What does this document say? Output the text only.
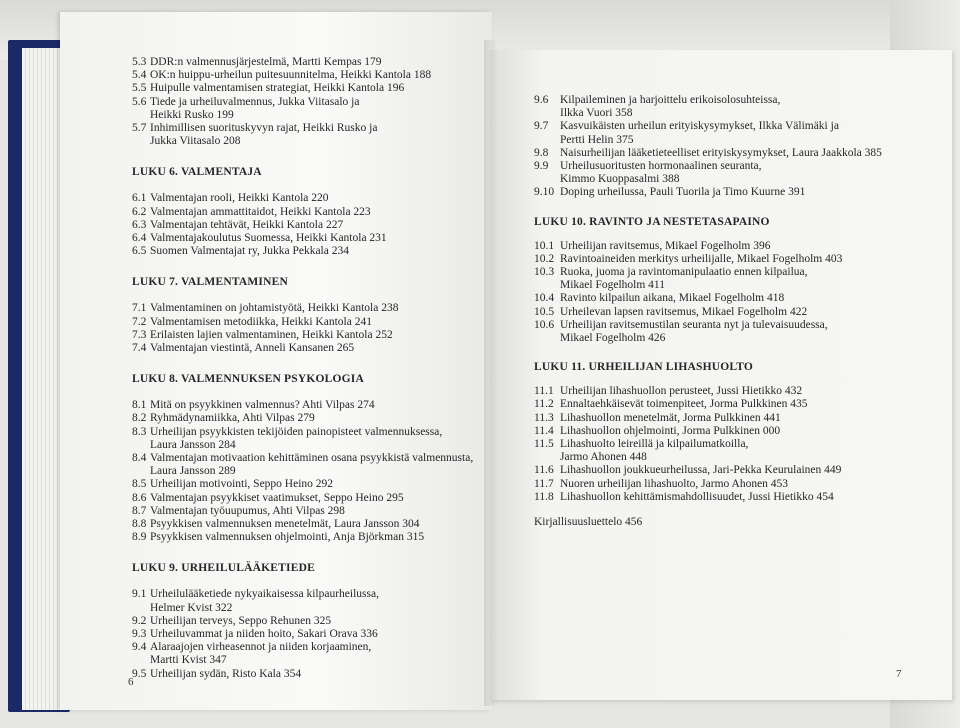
5.3 DDR:n valmennusjärjestelmä, Martti Kempas 179
5.4 OK:n huippu-urheilun puitesuunnitelma, Heikki Kantola 188
5.5 Huipulle valmentamisen strategiat, Heikki Kantola 196
5.6 Tiede ja urheiluvalmennus, Jukka Viitasalo ja
Heikki Rusko 199
5.7 Inhimillisen suorituskyvyn rajat, Heikki Rusko ja
Jukka Viitasalo 208
LUKU 6. VALMENTAJA
6.1 Valmentajan rooli, Heikki Kantola 220
6.2 Valmentajan ammattitaidot, Heikki Kantola 223
6.3 Valmentajan tehtävät, Heikki Kantola 227
6.4 Valmentajakoulutus Suomessa, Heikki Kantola 231
6.5 Suomen Valmentajat ry, Jukka Pekkala 234
LUKU 7. VALMENTAMINEN
7.1 Valmentaminen on johtamistyötä, Heikki Kantola 238
7.2 Valmentamisen metodiikka, Heikki Kantola 241
7.3 Erilaisten lajien valmentaminen, Heikki Kantola 252
7.4 Valmentajan viestintä, Anneli Kansanen 265
LUKU 8. VALMENNUKSEN PSYKOLOGIA
8.1 Mitä on psyykkinen valmennus? Ahti Vilpas 274
8.2 Ryhmädynamiikka, Ahti Vilpas 279
8.3 Urheilijan psyykkisten tekijöiden painopisteet valmennuksessa,
Laura Jansson 284
8.4 Valmentajan motivaation kehittäminen osana psyykkistä valmennusta,
Laura Jansson 289
8.5 Urheilijan motivointi, Seppo Heino 292
8.6 Valmentajan psyykkiset vaatimukset, Seppo Heino 295
8.7 Valmentajan työuupumus, Ahti Vilpas 298
8.8 Psyykkisen valmennuksen menetelmät, Laura Jansson 304
8.9 Psyykkisen valmennuksen ohjelmointi, Anja Björkman 315
LUKU 9. URHEILULÄÄKETIEDE
9.1 Urheilulääketiede nykyaikaisessa kilpaurheilussa,
Helmer Kvist 322
9.2 Urheilijan terveys, Seppo Rehunen 325
9.3 Urheiluvammat ja niiden hoito, Sakari Orava 336
9.4 Alaraajojen virheasennot ja niiden korjaaminen,
Martti Kvist 347
9.5 Urheilijan sydän, Risto Kala 354
6
9.6 Kilpaileminen ja harjoittelu erikoisolosuhteissa,
Ilkka Vuori 358
9.7 Kasvuikäisten urheilun erityiskysymykset, Ilkka Välimäki ja
Pertti Helin 375
9.8 Naisurheilijan lääketieteelliset erityiskysymykset, Laura Jaakkola 385
9.9 Urheilusuoritusten hormonaalinen seuranta,
Kimmo Kuoppasalmi 388
9.10 Doping urheilussa, Pauli Tuorila ja Timo Kuurne 391
LUKU 10. RAVINTO JA NESTETASAPAINO
10.1 Urheilijan ravitsemus, Mikael Fogelholm 396
10.2 Ravintoaineiden merkitys urheilijalle, Mikael Fogelholm 403
10.3 Ruoka, juoma ja ravintomanipulaatio ennen kilpailua,
Mikael Fogelholm 411
10.4 Ravinto kilpailun aikana, Mikael Fogelholm 418
10.5 Urheilevan lapsen ravitsemus, Mikael Fogelholm 422
10.6 Urheilijan ravitsemustilan seuranta nyt ja tulevaisuudessa,
Mikael Fogelholm 426
LUKU 11. URHEILIJAN LIHASHUOLTO
11.1 Urheilijan lihashuollon perusteet, Jussi Hietikko 432
11.2 Ennaltaehkäisevät toimenpiteet, Jorma Pulkkinen 435
11.3 Lihashuollon menetelmät, Jorma Pulkkinen 441
11.4 Lihashuollon ohjelmointi, Jorma Pulkkinen 000
11.5 Lihashuolto leireillä ja kilpailumatkoilla,
Jarmo Ahonen 448
11.6 Lihashuollon joukkueurheilussa, Jari-Pekka Keurulainen 449
11.7 Nuoren urheilijan lihashuolto, Jarmo Ahonen 453
11.8 Lihashuollon kehittämismahdollisuudet, Jussi Hietikko 454
Kirjallisuusluettelo 456
7
